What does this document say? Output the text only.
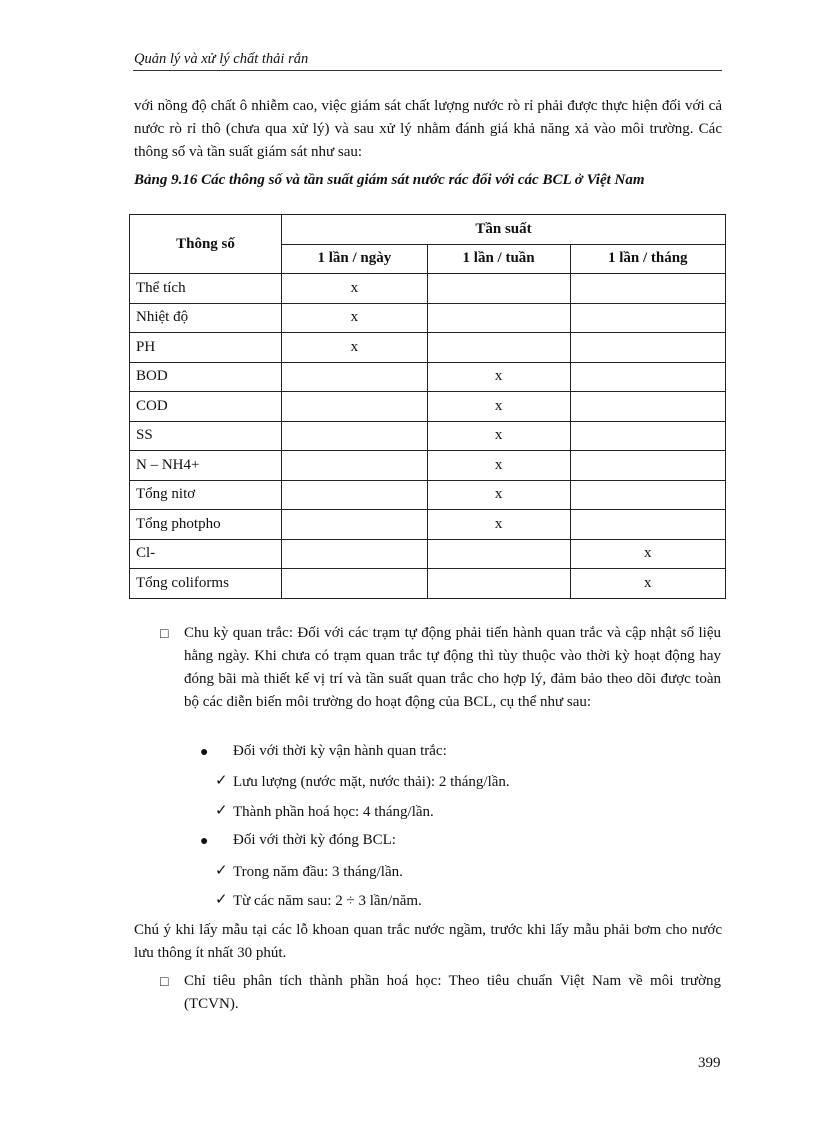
Quản lý và xử lý chất thải rắn
với nồng độ chất ô nhiễm cao, việc giám sát chất lượng nước rò rỉ phải được thực hiện đối với cả nước rò rỉ thô (chưa qua xử lý) và sau xử lý nhằm đánh giá khả năng xả vào môi trường. Các thông số và tần suất giám sát như sau:
Bảng 9.16 Các thông số và tần suất giám sát nước rác đối với các BCL ở Việt Nam
Thông số	Tần suất		
	1 lần / ngày	1 lần / tuần	1 lần / tháng
Thể tích	x		
Nhiệt độ	x		
PH	x		
BOD		x	
COD		x	
SS		x	
N – NH4+		x	
Tổng nitơ		x	
Tổng photpho		x	
Cl-			x
Tổng coliforms			x
□ Chu kỳ quan trắc: Đối với các trạm tự động phải tiến hành quan trắc và cập nhật số liệu hằng ngày. Khi chưa có trạm quan trắc tự động thì tùy thuộc vào thời kỳ hoạt động hay đóng bãi mà thiết kế vị trí và tần suất quan trắc cho hợp lý, đảm bảo theo dõi được toàn bộ các diễn biến môi trường do hoạt động của BCL, cụ thể như sau:
● Đối với thời kỳ vận hành quan trắc:
✓ Lưu lượng (nước mặt, nước thải): 2 tháng/lần.
✓ Thành phần hoá học: 4 tháng/lần.
● Đối với thời kỳ đóng BCL:
✓ Trong năm đầu: 3 tháng/lần.
✓ Từ các năm sau: 2 ÷ 3 lần/năm.
Chú ý khi lấy mẫu tại các lỗ khoan quan trắc nước ngầm, trước khi lấy mẫu phải bơm cho nước lưu thông ít nhất 30 phút.
□ Chỉ tiêu phân tích thành phần hoá học: Theo tiêu chuẩn Việt Nam về môi trường (TCVN).
399
